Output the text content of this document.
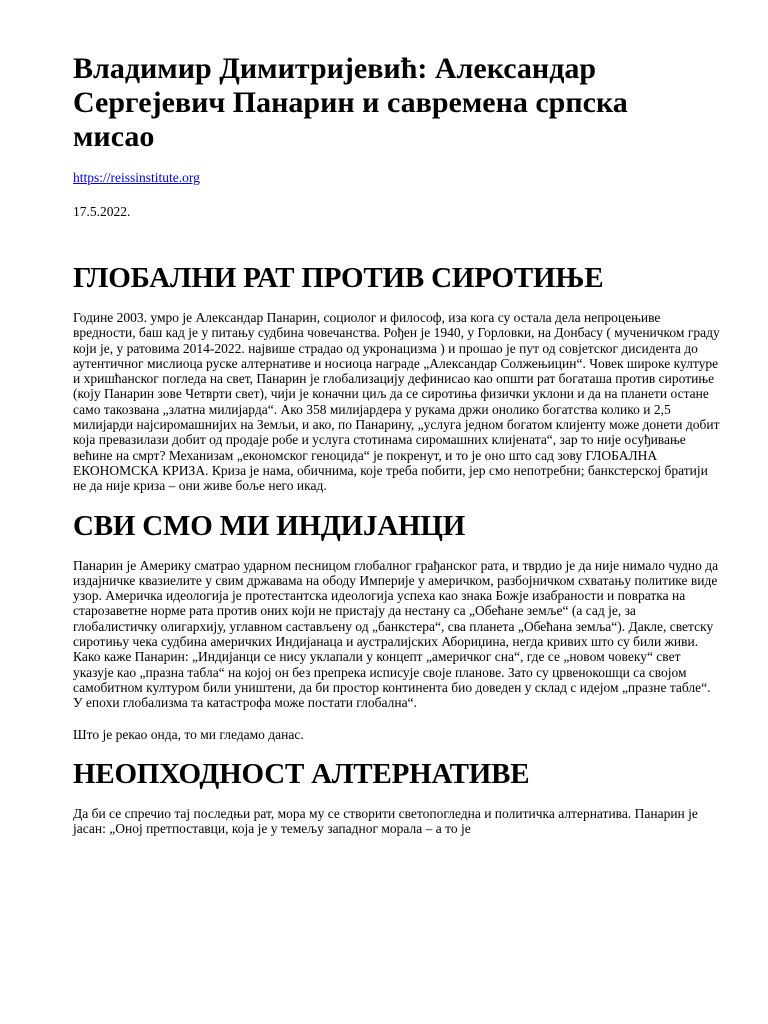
Владимир Димитријевић: Александар Сергејевич Панарин и савремена српска мисао

https://reissinstitute.org

17.5.2022.

ГЛОБАЛНИ РАТ ПРОТИВ СИРОТИЊЕ

Године 2003. умро је Александар Панарин, социолог и философ, иза кога су остала дела непроцењиве вредности, баш кад је у питању судбина човечанства. Рођен је 1940, у Горловки, на Донбасу ( мученичком граду који је, у ратовима 2014-2022. највише страдао од укронацизма ) и прошао је пут од совјетског дисидента до аутентичног мислиоца руске алтернативе и носиоца награде „Александар Солжењицин“. Човек широке културе и хришћанског погледа на свет, Панарин је глобализацију дефинисао као општи рат богаташа против сиротиње (коју Панарин зове Четврти свет), чији је коначни циљ да се сиротиња физички уклони и да на планети остане само такозвана „златна милијарда“. Ако 358 милијардера у рукама држи онолико богатства колико и 2,5 милијарди најсиромашнијих на Земљи, и ако, по Панарину, „услуга једном богатом клијенту може донети добит која превазилази добит од продаје робе и услуга стотинама сиромашних клијената“, зар то није осуђивање већине на смрт? Механизам „економског геноцида“ је покренут, и то је оно што сад зову ГЛОБАЛНА ЕКОНОМСКА КРИЗА. Криза је нама, обичнима, које треба побити, јер смо непотребни; банкстерској братији не да није криза – они живе боље него икад.

СВИ СМО МИ ИНДИЈАНЦИ

Панарин је Америку сматрао ударном песницом глобалног грађанског рата, и тврдио је да није нимало чудно да издајничке квазиелите у свим државама на ободу Империје у америчком, разбојничком схватању политике виде узор. Америчка идеологија је протестантска идеологија успеха као знака Божје изабраности и повратка на старозаветне норме рата против оних који не пристају да нестану са „Обећане земље“ (а сад је, за глобалистичку олигархију, углавном састављену од „банкстера“, сва планета „Обећана земља“). Дакле, светску сиротињу чека судбина америчких Индијанаца и аустралијских Абориџина, негда кривих што су били живи. Како каже Панарин: „Индијанци се нису уклапали у концепт „америчког сна“, где се „новом човеку“ свет указује као „празна табла“ на којој он без препрека исписује своје планове. Зато су црвенокошци са својом самобитном културом били уништени, да би простор континента био доведен у склад с идејом „празне табле“. У епохи глобализма та катастрофа може постати глобална“.

Што је рекао онда, то ми гледамо данас.

НЕОПХОДНОСТ АЛТЕРНАТИВЕ

Да би се спречио тај последњи рат, мора му се створити светопогледна и политичка алтернатива. Панарин је јасан: „Оној претпоставци, која је у темељу западног морала – а то је
